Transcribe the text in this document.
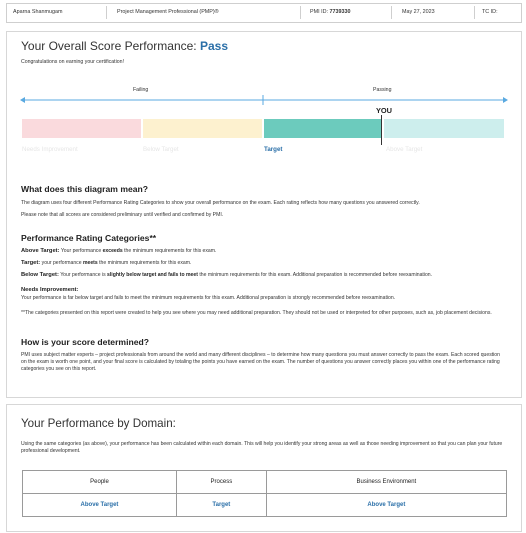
Aparna Shanmugam	Project Management Professional (PMP)®	PMI ID: 7739330	May 27, 2023	TC ID:
Your Overall Score Performance: Pass
Congratulations on earning your certification!
Failing	Passing
YOU
Needs Improvement	Below Target	Target	Above Target
What does this diagram mean?
The diagram uses four different Performance Rating Categories to show your overall performance on the exam. Each rating reflects how many questions you answered correctly.
Please note that all scores are considered preliminary until verified and confirmed by PMI.
Performance Rating Categories**
Above Target: Your performance exceeds the minimum requirements for this exam.
Target: your performance meets the minimum requirements for this exam.
Below Target: Your performance is slightly below target and fails to meet the minimum requirements for this exam. Additional preparation is recommended before reexamination.
Needs Improvement:
Your performance is far below target and fails to meet the minimum requirements for this exam. Additional preparation is strongly recommended before reexamination.
**The categories presented on this report were created to help you see where you may need additional preparation. They should not be used or interpreted for other purposes, such as, job placement decisions.
How is your score determined?
PMI uses subject matter experts – project professionals from around the world and many different disciplines – to determine how many questions you must answer correctly to pass the exam. Each scored question on the exam is worth one point, and your final score is calculated by totaling the points you have earned on the exam. The number of questions you answer correctly places you within one of the performance rating categories you see on this report.
Your Performance by Domain:
Using the same categories (as above), your performance has been calculated within each domain. This will help you identify your strong areas as well as those needing improvement so that you can plan your future professional development.
People	Process	Business Environment
Above Target	Target	Above Target
